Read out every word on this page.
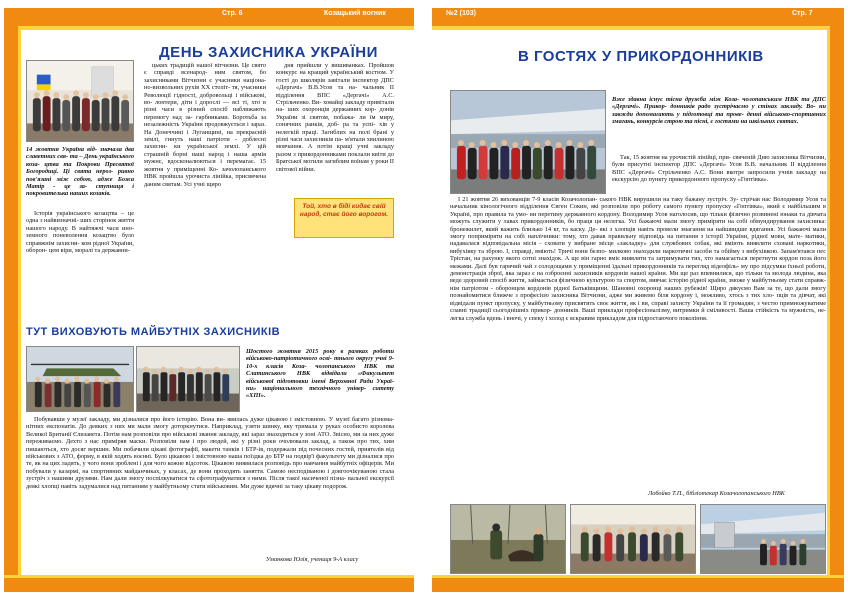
Стр. 6	Козацький вогник
ДЕНЬ ЗАХИСНИКА УКРАЇНИ
14 жовтня Україна від- значала два славетних свя- та – День українського коза- цтва та Покрови Пресвятої Богородиці. Ці свята нероз- ривно пов'язані між собою, адже Божа Матір - це за- ступниця і покровителька наших козаків.
Історія українського козацтва – це одна з найвизначні- ших сторінок життя нашого народу. В найтяжчі часи ино- земного поневолення козацтво було справжнім захисни- ком рідної України, оборон- цем віри, моралі та державни-
цьких традицій нашої вітчизни. Це свято є справді всенарод- ним святом, бо захисниками Вітчизни є учасники націона- но-визвольних рухів XX століт- тя, учасники Революції гідності, добровольці і військові, во- лонтери, діти і дорослі — всі ті, хто в різні часи в різний спосіб наближають перемогу над за- гарбниками. Боротьба за незалежність України продовжується і зараз. На Донеччині і Луганщині, на прекрасній землі, гинуть наші патріоти - доблесні захисни- ки української землі. У цій страшній борні наші народ і наша армія мужнє, вдосконалюються і перемагає. 15 жовтня у приміщенні Ко- зачолопанського НВК пройшла урочиста лінійка, присвячена даним святам. Усі учні щиро
дня прийшли у вишиванках. Пройшов конкурс на кращий український костюм. У гості до школярів завітали інспектор ДПС «Дергачі» В.В.Усов та на- чальник ІІ відділення ВПС «Дергачі» А.С. Стрільченко. Ви- ховайці закладу привітали на- ших охоронців державних кор- донів України зі святом, побажа- ли їм миру, сонячних ранків, доб- ра та успі- хів у нелегкій праці. Загиблих на полі брані у різні часи захисників па- м'ятали хвилиною мовчання. А потім кращі учні закладу разом з прикордонниками поклали квіти до Братської могили загиблим воїнам у роки ІІ світової війни.
Той, хто в біді кидає свій народ, стає його ворогом.
ТУТ ВИХОВУЮТЬ МАЙБУТНІХ ЗАХИСНИКІВ
Шостого жовтня 2015 року в рамках роботи військово-патріотичного осві- тнього округу учні 9-10-х класів Коза- чолопанського НВК та Слатинського НВК відвідали «Факультет військової підготовки імені Верховної Ради Украї- ни» національного технічного універ- ситету «ХПІ».
Побувавши у музеї закладу, ми дізналися про його історію. Вона ви- явилась дуже цікавою і змістовною. У музеї багато різнома- нітних експонатів. До деяких з них ми мали змогу доторкнутися. Наприклад, узяти шинку, яку тримала у руках особисто королева Великої Британії Єлизавета. Потім нам розповіли про військові звання закладу, які зараз знаходяться у зоні АТО. Звісно, ми за них дуже переживаємо. Дехто з нас приміряв маски. Розповіли нам і про людей, які у різні роки очолювали заклад, а також про тих, хим пишаються, хто досяг вершин. Ми побачили цікаві фотографії, макети танків і БТР-ів, подержали під почесних гостей, приятелів від військових з АТО, форму, в якій ходять воєнні. Було цікавою і змістовною наша поїздка до БТР на подвір'ї факультету ми дізналися про те, як на цих ладять, у чого вони зроблені і для чого кожне відсоток. Цікавою виявилася розповідь про навчання майбутніх офіцерів. Ми побували у казармі, на спортивних майданчиках, у класах, де вони проходять заняття. Самою несподіваною і довгоочікуваною стала зустріч з нашими друзями. Нам дали змогу поспілкуватися та сфотографуватися з ними. Після такої насиченої пізна- вальної екскурсії деякі хлопці навіть задумалися над питанням у майбутньому стати військовим. Ми дуже вдячні за таку цікаву подорож.
Уманкова Юлія, учениця 9-А класу
№2 (103)	Стр. 7
В ГОСТЯХ У ПРИКОРДОННИКІВ
Вже здавна існує тісна дружба між Коза- чолопанським НВК та ДПС «Дергачі». Прикор- донників радо зустрічаємо у стінах закладу. Во- ни завжди допомагають у підготовці та прове- денні військово-спортивних змагань, конкурсів строю та пісні, є гостями на шкільних святах.
Так, 15 жовтня на урочистій лінійці, при- свяченій Дню захисника Вітчизни, були присутні інспектор ДПС «Дергачі» Усов В.В. начальник ІІ відділення ВПС «Дергачі» Стрільченко А.С. Вони вкотре запросили учнів закладу на екскурсію до пункту прикордонного пропуску «Гоптівка».
І 21 жовтня 26 вихованців 7-9 класів Козачолопан- ського НВК вирушили на таку бажану зустріч. Зу- стрічав нас Володимир Усов та начальник кінологічного відділення Євген Сокин, які розповіли про роботу самого пункту пропуску «Гоптівка», який є найбільшим в Україні, про правила та умо- ви перетину державного кордону. Володимир Усов наголосив, що тільки фізично розвинені юнаки та дівчата можуть служити у лавах прикордонників, бо праця ця нелегка. Усі бажаючі мали змогу приміряти на собі обмундирування захисника: бронежилет, який важить близько 14 кг, та каску. Де- які з хлопців навіть провели змагання на найшвидше вдягання. Усі бажаючі мали змогу поприміряти на собі наплічники: тому, хто давав правильну відповідь на питання з історії України, рідної мови, мате- матики, надавалася відповідальна місія - сховати у вибране місце «закладку» для службових собак, які вміють виявляти сховані наркотики, вибухівку та зброю. І, справді, вміють! Тричі вони безпо- милково знаходили наркотичні засоби та обійму з вибухівкою. Запам'ятався пес Трістан, на рахунку якого сотні знахідок. А ще він гарно вміє виявляти та затримувати тих, хто намагається перетнути кордон поза його межами. Далі був гарячий чай з солодощами у приміщенні їдальні прикордонників та перегляд відеофіль- му про підсумки їхньої роботи, демонстрація зброї, яка зараз є на озброєнні захисників кордонів нашої країни. Ми ще раз впевнилися, що тільки та молода людина, яка веде здоровий спосіб життя, займається фізичною культурою та спортом, вивчає історію рідної країни, зможе у майбутньому стати справж- нім патріотом - оборонцем кордонів рідної Батьківщини. Шановні охоронці наших рубежів! Щиро дякуємо Вам за те, що дали змогу познайомитися ближче з професією захисника Вітчизни, адже ми живемо біля кордону і, можливо, хтось з тих хло- пців та дівчат, які відвідали пункт пропуску, у майбутньому присвятить своє життя, як і ви, справі захисту України та її громадян, з честю примножуватиме славні традиції сьогоднішніх прикор- донників. Ваші приклади професіоналізму, витримки й сміливості. Ваша стійкість та мужність, не- легка служба вдень і вночі, у спеку і холод є яскравим прикладом для підростаючого покоління.
Лобойко Т.П., бібліотекар Козачолопанського НВК
